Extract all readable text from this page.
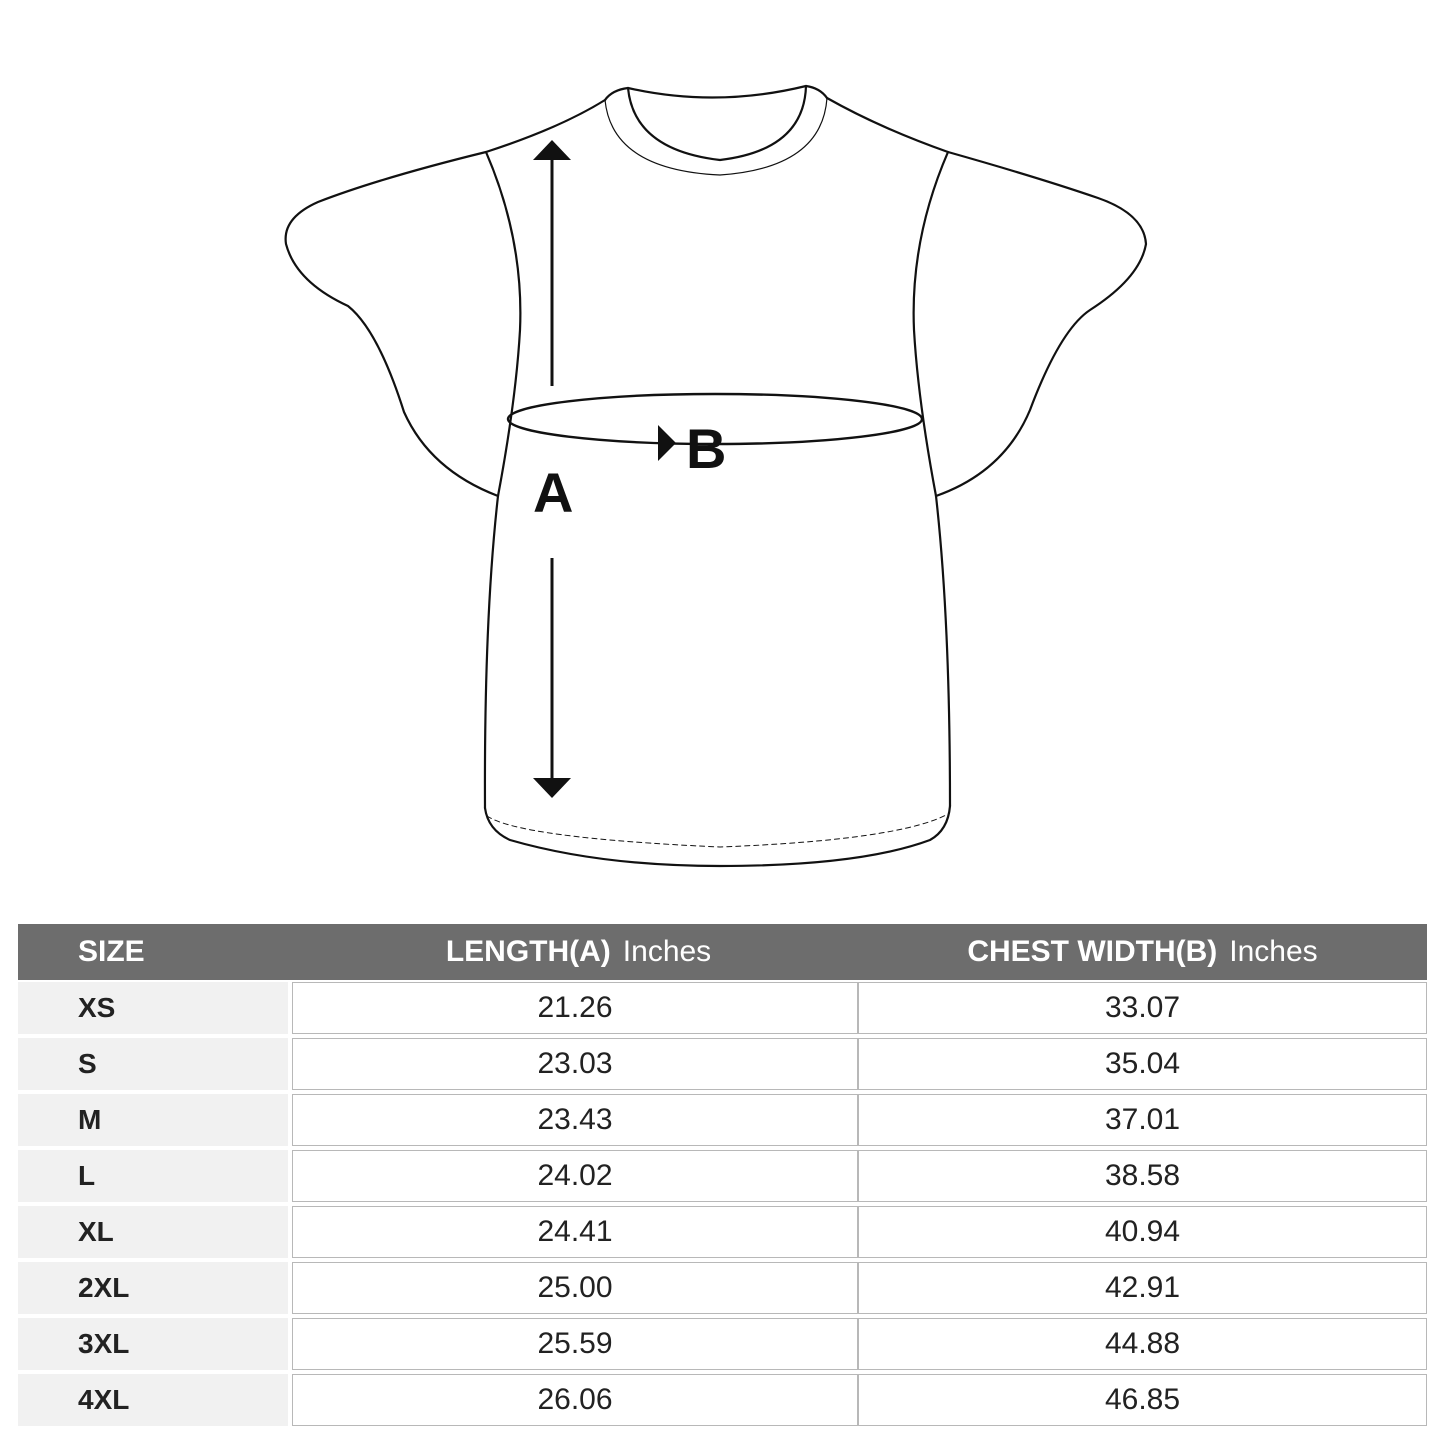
A
B
SIZE	LENGTH(A) Inches	CHEST WIDTH(B) Inches
XS	21.26	33.07
S	23.03	35.04
M	23.43	37.01
L	24.02	38.58
XL	24.41	40.94
2XL	25.00	42.91
3XL	25.59	44.88
4XL	26.06	46.85
